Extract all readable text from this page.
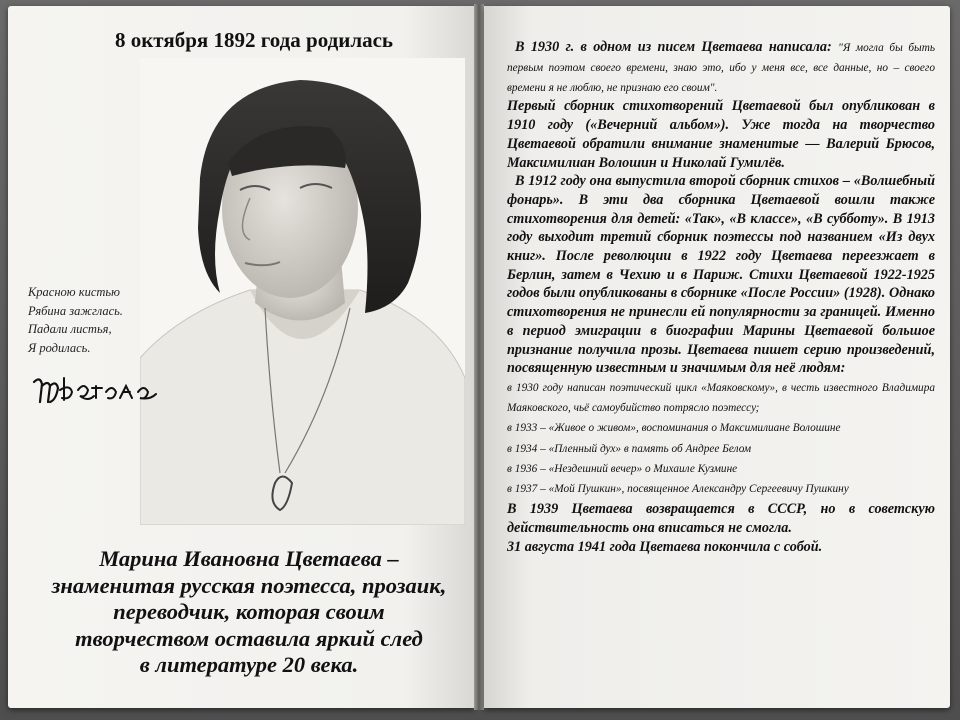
8 октября 1892 года родилась
Красною кистью
Рябина зажглась.
Падали листья,
Я родилась.
Марина Ивановна Цветаева –
знаменитая русская поэтесса, прозаик,
переводчик, которая своим
творчеством оставила яркий след
в литературе 20 века.
В 1930 г. в одном из писем Цветаева написала: "Я могла бы быть первым поэтом своего времени, знаю это, ибо у меня все, все данные, но – своего времени я не люблю, не признаю его своим".
Первый сборник стихотворений Цветаевой был опубликован в 1910 году («Вечерний альбом»). Уже тогда на творчество Цветаевой обратили внимание знаменитые — Валерий Брюсов, Максимилиан Волошин и Николай Гумилёв.
В 1912 году она выпустила второй сборник стихов – «Волшебный фонарь». В эти два сборника Цветаевой вошли также стихотворения для детей: «Так», «В классе», «В субботу». В 1913 году выходит третий сборник поэтессы под названием «Из двух книг». После революции в 1922 году Цветаева переезжает в Берлин, затем в Чехию и в Париж. Стихи Цветаевой 1922-1925 годов были опубликованы в сборнике «После России» (1928). Однако стихотворения не принесли ей популярности за границей. Именно в период эмиграции в биографии Марины Цветаевой большое признание получила прозы. Цветаева пишет серию произведений, посвященную известным и значимым для неё людям:
в 1930 году написан поэтический цикл «Маяковскому», в честь известного Владимира Маяковского, чьё самоубийство потрясло поэтессу;
в 1933 – «Живое о живом», воспоминания о Максимилиане Волошине
в 1934 – «Пленный дух» в память об Андрее Белом
в 1936 – «Нездешний вечер» о Михаиле Кузмине
в 1937 – «Мой Пушкин», посвященное Александру Сергеевичу Пушкину
В 1939 Цветаева возвращается в СССР, но в советскую действительность она вписаться не смогла.
31 августа 1941 года Цветаева покончила с собой.
